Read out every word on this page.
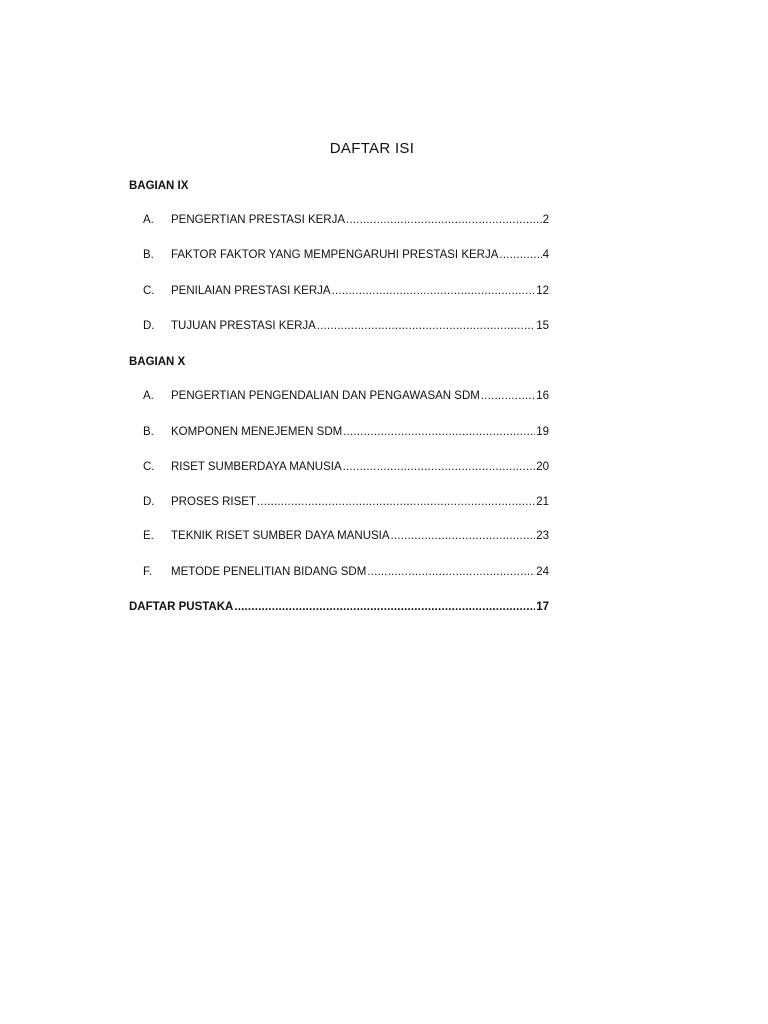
DAFTAR ISI
BAGIAN IX
A.	PENGERTIAN PRESTASI KERJA .....	2
B.	FAKTOR FAKTOR YANG MEMPENGARUHI PRESTASI KERJA .....	4
C.	PENILAIAN PRESTASI KERJA .....	12
D.	TUJUAN PRESTASI KERJA .....	15
BAGIAN X
A.	PENGERTIAN PENGENDALIAN DAN PENGAWASAN SDM .....	16
B.	KOMPONEN MENEJEMEN SDM .....	19
C.	RISET SUMBERDAYA MANUSIA .....	20
D.	PROSES RISET .....	21
E.	TEKNIK RISET SUMBER DAYA MANUSIA .....	23
F.	METODE PENELITIAN BIDANG SDM .....	24
DAFTAR PUSTAKA .....	17
